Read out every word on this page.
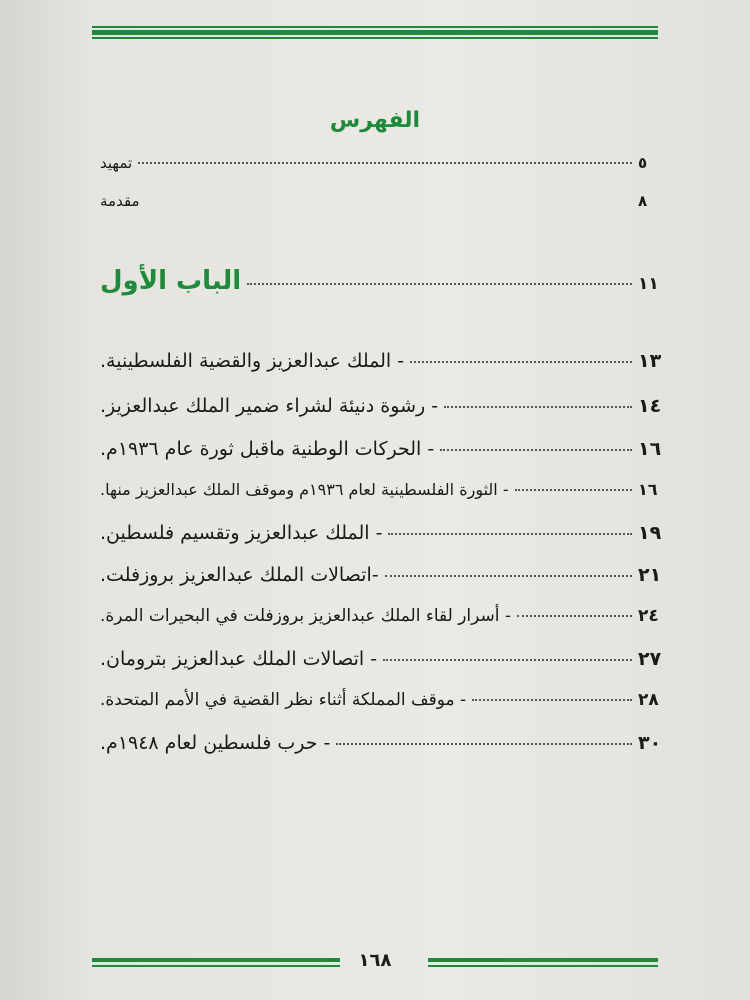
الفهرس
تمهيد	٥
مقدمة	٨
الباب الأول	١١
- الملك عبدالعزيز والقضية الفلسطينية.	١٣
- رشوة دنيئة لشراء ضمير الملك عبدالعزيز.	١٤
- الحركات الوطنية ماقبل ثورة عام ١٩٣٦م.	١٦
- الثورة الفلسطينية لعام ١٩٣٦م وموقف الملك عبدالعزيز منها.	١٦
- الملك عبدالعزيز وتقسيم فلسطين.	١٩
-اتصالات الملك عبدالعزيز بروزفلت.	٢١
- أسرار لقاء الملك عبدالعزيز بروزفلت في البحيرات المرة.	٢٤
- اتصالات الملك عبدالعزيز بترومان.	٢٧
- موقف المملكة أثناء نظر القضية في الأمم المتحدة.	٢٨
- حرب فلسطين لعام ١٩٤٨م.	٣٠
١٦٨
